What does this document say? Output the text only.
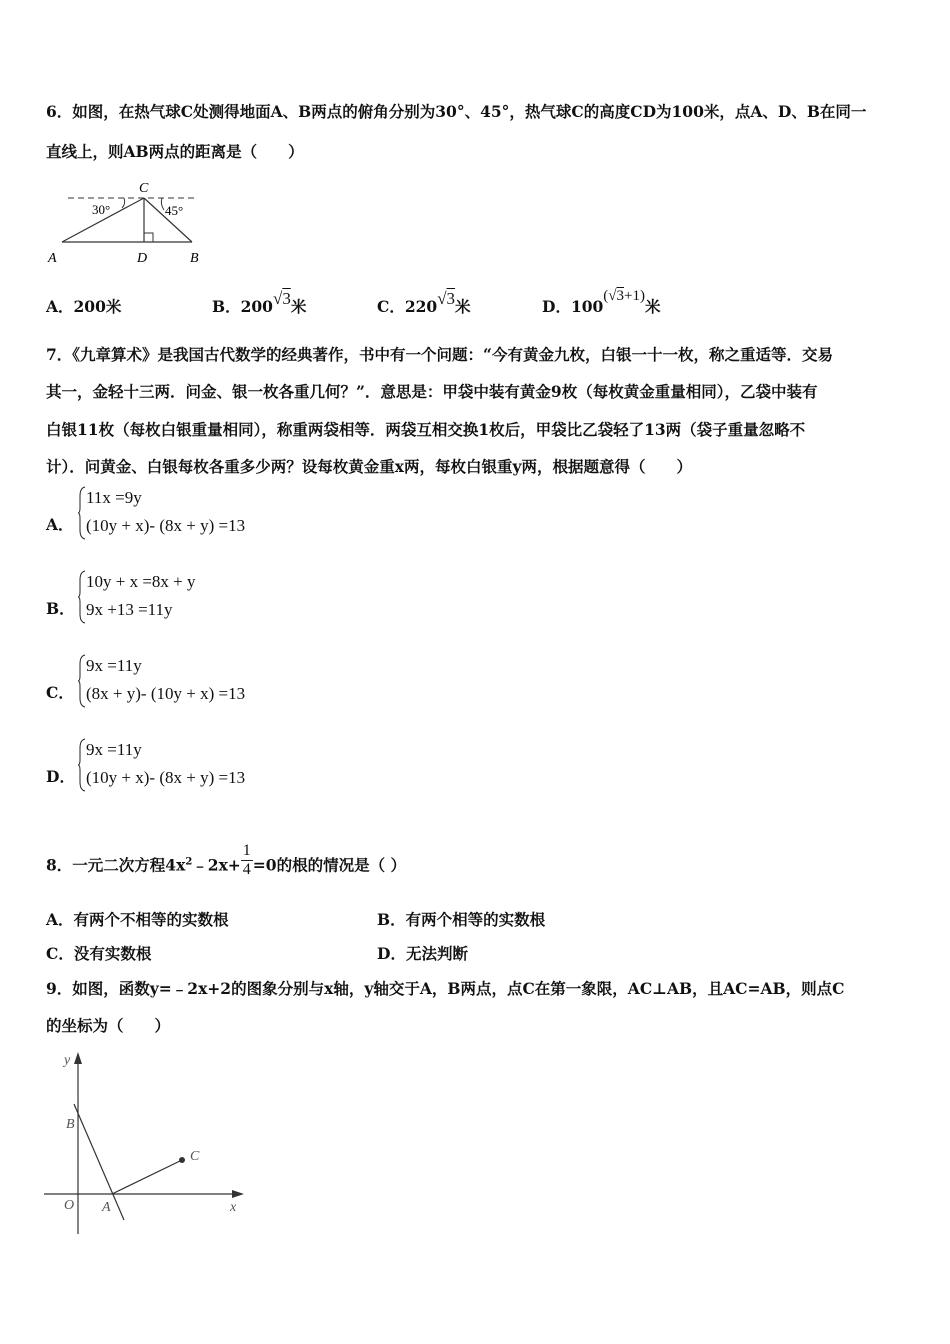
6．如图，在热气球C处测得地面A、B两点的俯角分别为30°、45°，热气球C的高度CD为100米，点A、D、B在同一
直线上，则AB两点的距离是（　　）
C
30°	45°
A	D	B
A．200米	B．200√3米	C．220√3米	D．100(√3+1)米
7．《九章算术》是我国古代数学的经典著作，书中有一个问题：“今有黄金九枚，白银一十一枚，称之重适等．交易
其一，金轻十三两．问金、银一枚各重几何？”．意思是：甲袋中装有黄金9枚（每枚黄金重量相同），乙袋中装有
白银11枚（每枚白银重量相同），称重两袋相等．两袋互相交换1枚后，甲袋比乙袋轻了13两（袋子重量忽略不
计）．问黄金、白银每枚各重多少两？设每枚黄金重x两，每枚白银重y两，根据题意得（　　）
A．
11x =9y
(10y + x)- (8x + y) =13
B．
10y + x =8x + y
9x +13 =11y
C．
9x =11y
(8x + y)- (10y + x) =13
D．
9x =11y
(10y + x)- (8x + y) =13
8．一元二次方程$4x^2﹣2x+ \frac{1}{4} =0$的根的情况是（ ）
A．有两个不相等的实数根	B．有两个相等的实数根
C．没有实数根	D．无法判断
9．如图，函数y=﹣2x+2的图象分别与x轴，y轴交于A，B两点，点C在第一象限，AC⊥AB，且AC=AB，则点C
的坐标为（　　）
y
x
O A
B
C
